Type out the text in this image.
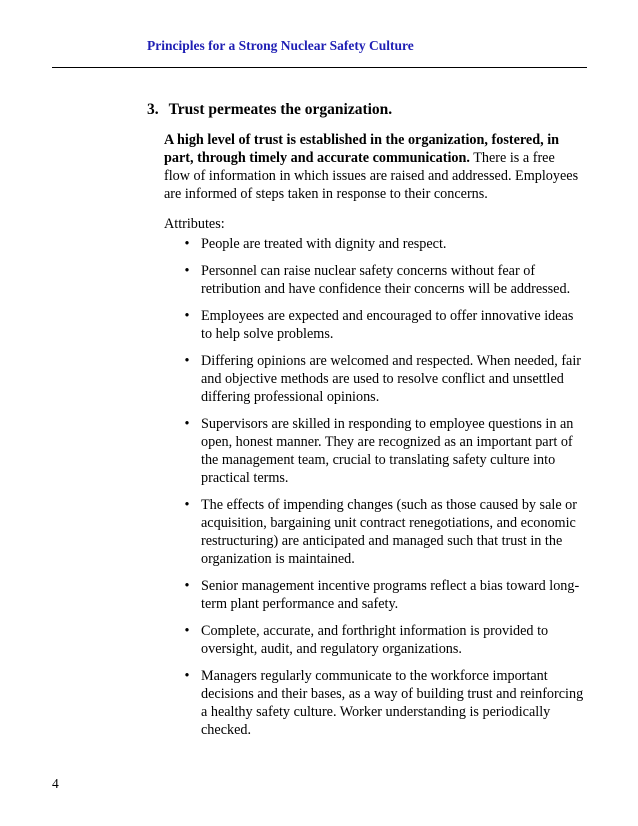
Principles for a Strong Nuclear Safety Culture
3. Trust permeates the organization.
A high level of trust is established in the organization, fostered, in part, through timely and accurate communication. There is a free flow of information in which issues are raised and addressed. Employees are informed of steps taken in response to their concerns.
Attributes:
• People are treated with dignity and respect.
• Personnel can raise nuclear safety concerns without fear of retribution and have confidence their concerns will be addressed.
• Employees are expected and encouraged to offer innovative ideas to help solve problems.
• Differing opinions are welcomed and respected. When needed, fair and objective methods are used to resolve conflict and unsettled differing professional opinions.
• Supervisors are skilled in responding to employee questions in an open, honest manner. They are recognized as an important part of the management team, crucial to translating safety culture into practical terms.
• The effects of impending changes (such as those caused by sale or acquisition, bargaining unit contract renegotiations, and economic restructuring) are anticipated and managed such that trust in the organization is maintained.
• Senior management incentive programs reflect a bias toward long-term plant performance and safety.
• Complete, accurate, and forthright information is provided to oversight, audit, and regulatory organizations.
• Managers regularly communicate to the workforce important decisions and their bases, as a way of building trust and reinforcing a healthy safety culture. Worker understanding is periodically checked.
4
